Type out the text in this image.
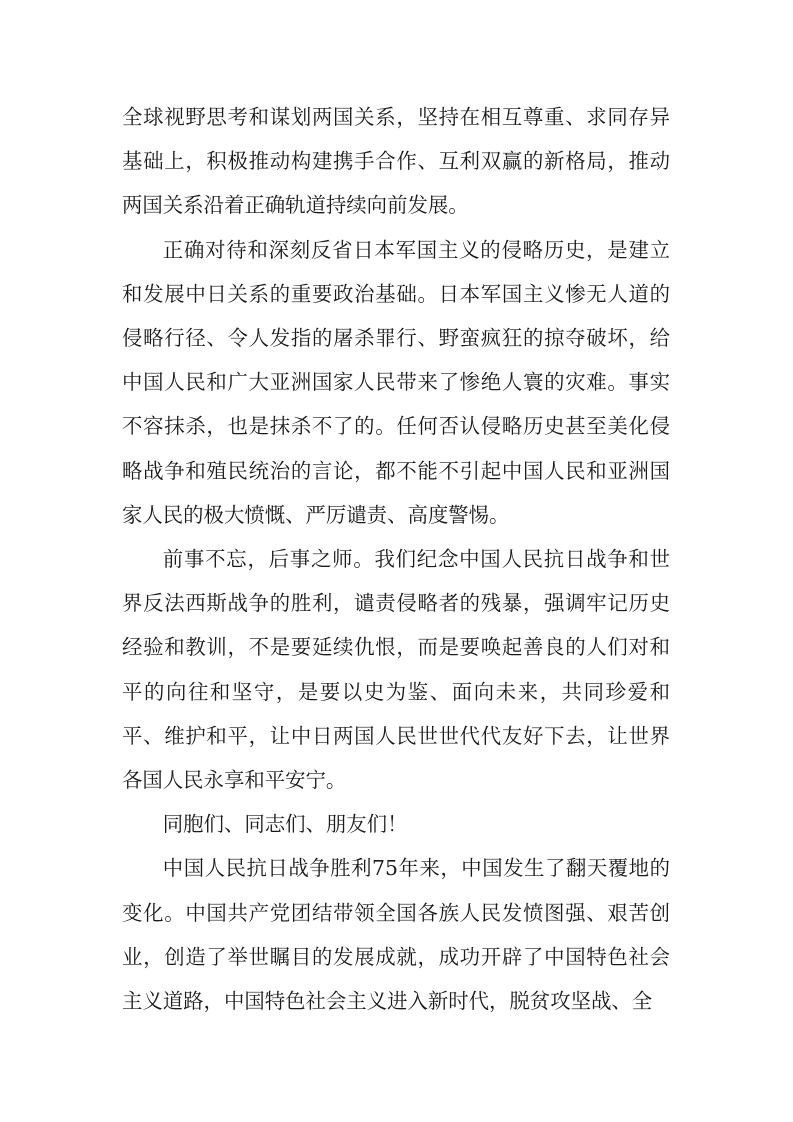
全球视野思考和谋划两国关系，坚持在相互尊重、求同存异基础上，积极推动构建携手合作、互利双赢的新格局，推动两国关系沿着正确轨道持续向前发展。

正确对待和深刻反省日本军国主义的侵略历史，是建立和发展中日关系的重要政治基础。日本军国主义惨无人道的侵略行径、令人发指的屠杀罪行、野蛮疯狂的掠夺破坏，给中国人民和广大亚洲国家人民带来了惨绝人寰的灾难。事实不容抹杀，也是抹杀不了的。任何否认侵略历史甚至美化侵略战争和殖民统治的言论，都不能不引起中国人民和亚洲国家人民的极大愤慨、严厉谴责、高度警惕。

前事不忘，后事之师。我们纪念中国人民抗日战争和世界反法西斯战争的胜利，谴责侵略者的残暴，强调牢记历史经验和教训，不是要延续仇恨，而是要唤起善良的人们对和平的向往和坚守，是要以史为鉴、面向未来，共同珍爱和平、维护和平，让中日两国人民世世代代友好下去，让世界各国人民永享和平安宁。

同胞们、同志们、朋友们！

中国人民抗日战争胜利75年来，中国发生了翻天覆地的变化。中国共产党团结带领全国各族人民发愤图强、艰苦创业，创造了举世瞩目的发展成就，成功开辟了中国特色社会主义道路，中国特色社会主义进入新时代，脱贫攻坚战、全
